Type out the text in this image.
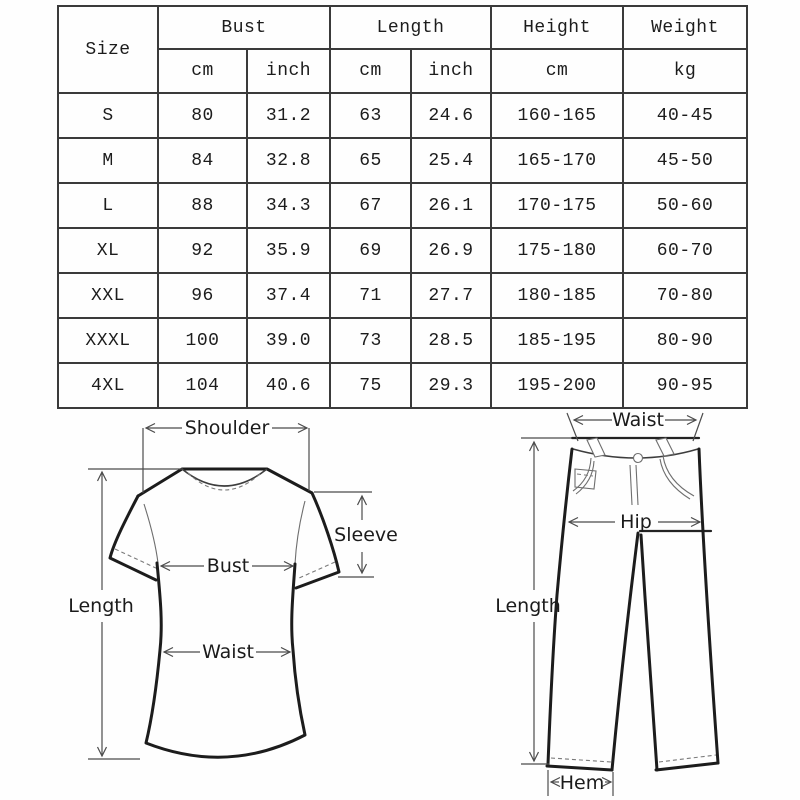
Size	Bust		Length		Height	Weight
	cm	inch	cm	inch	cm	kg
S	80	31.2	63	24.6	160-165	40-45
M	84	32.8	65	25.4	165-170	45-50
L	88	34.3	67	26.1	170-175	50-60
XL	92	35.9	69	26.9	175-180	60-70
XXL	96	37.4	71	27.7	180-185	70-80
XXXL	100	39.0	73	28.5	185-195	80-90
4XL	104	40.6	75	29.3	195-200	90-95
Shoulder
Length
Sleeve
Bust
Waist
Waist
Hip
Length
Hem
